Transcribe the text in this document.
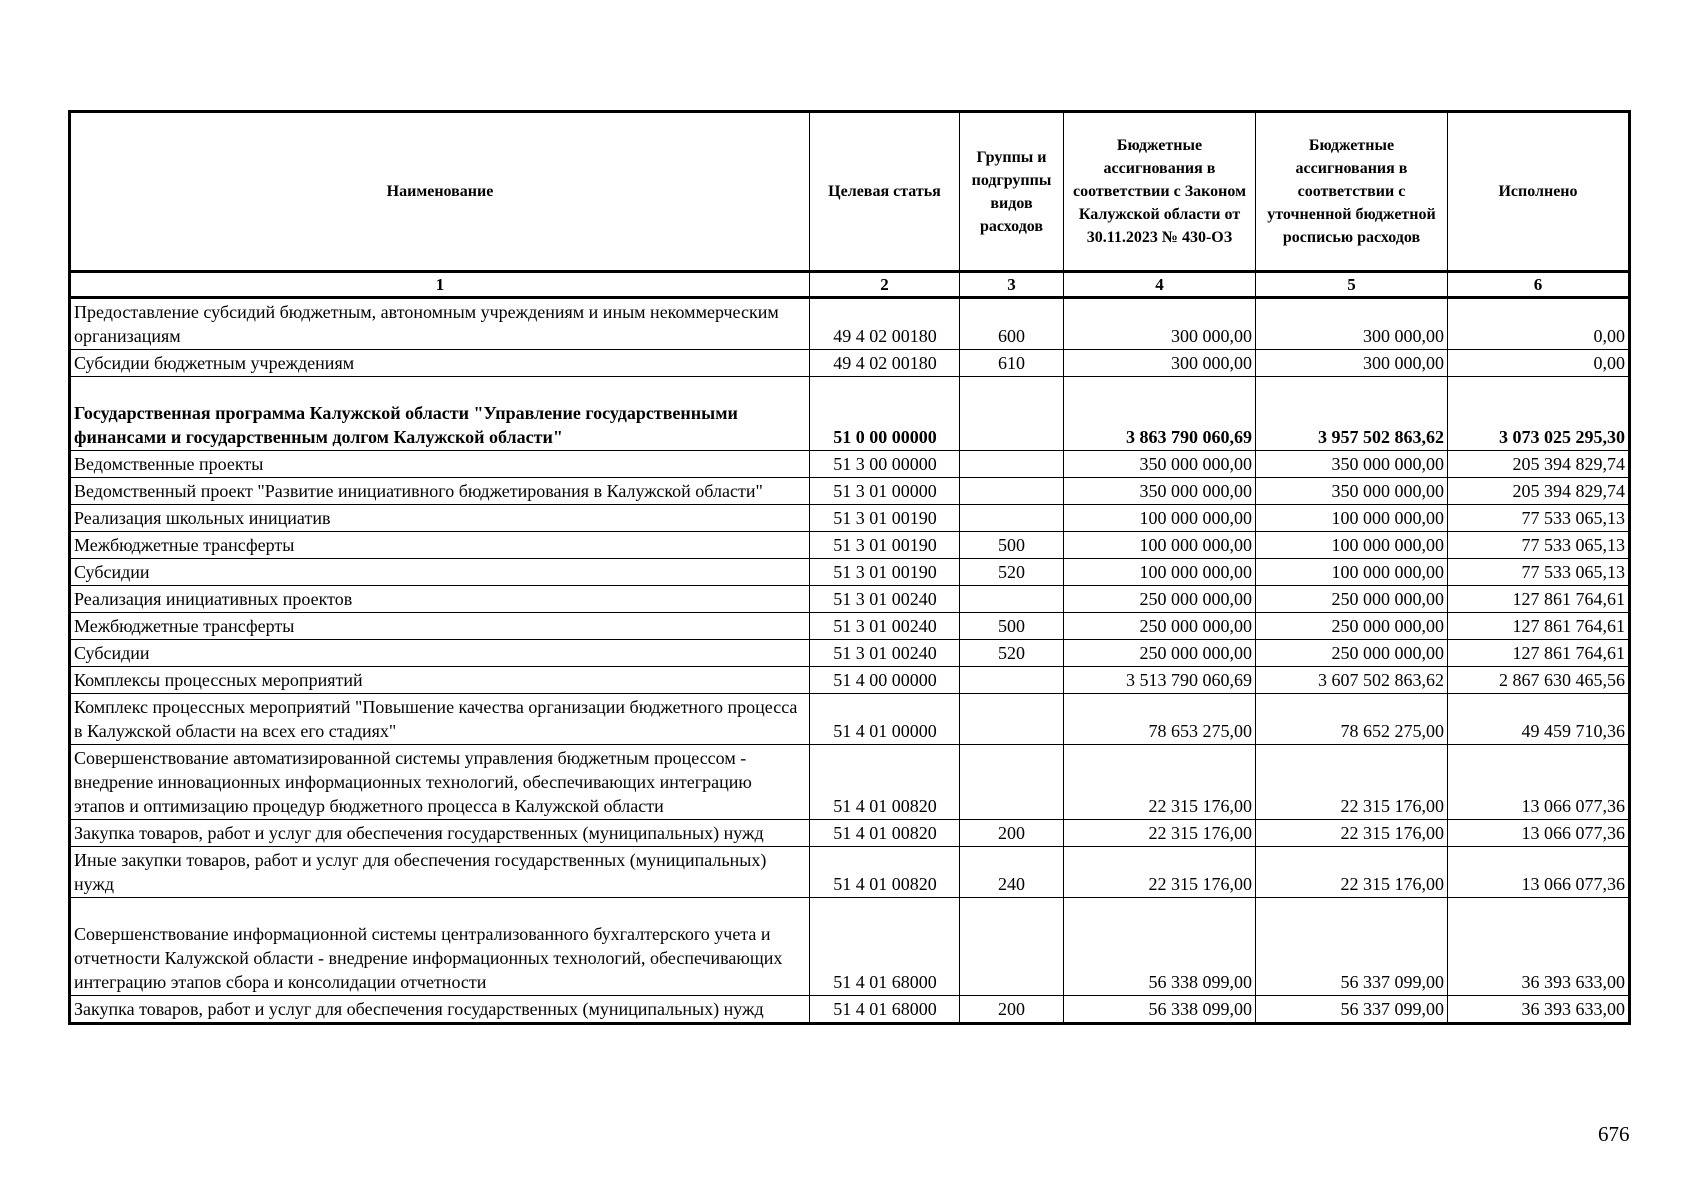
Наименование	Целевая статья	Группы и подгруппы видов расходов	Бюджетные ассигнования в соответствии с Законом Калужской области от 30.11.2023 № 430-ОЗ	Бюджетные ассигнования в соответствии с уточненной бюджетной росписью расходов	Исполнено
1	2	3	4	5	6
Предоставление субсидий бюджетным, автономным учреждениям и иным некоммерческим организациям	49 4 02 00180	600	300 000,00	300 000,00	0,00
Субсидии бюджетным учреждениям	49 4 02 00180	610	300 000,00	300 000,00	0,00
Государственная программа Калужской области "Управление государственными финансами и государственным долгом Калужской области"	51 0 00 00000		3 863 790 060,69	3 957 502 863,62	3 073 025 295,30
Ведомственные проекты	51 3 00 00000		350 000 000,00	350 000 000,00	205 394 829,74
Ведомственный проект "Развитие инициативного бюджетирования в Калужской области"	51 3 01 00000		350 000 000,00	350 000 000,00	205 394 829,74
Реализация школьных инициатив	51 3 01 00190		100 000 000,00	100 000 000,00	77 533 065,13
Межбюджетные трансферты	51 3 01 00190	500	100 000 000,00	100 000 000,00	77 533 065,13
Субсидии	51 3 01 00190	520	100 000 000,00	100 000 000,00	77 533 065,13
Реализация инициативных проектов	51 3 01 00240		250 000 000,00	250 000 000,00	127 861 764,61
Межбюджетные трансферты	51 3 01 00240	500	250 000 000,00	250 000 000,00	127 861 764,61
Субсидии	51 3 01 00240	520	250 000 000,00	250 000 000,00	127 861 764,61
Комплексы процессных мероприятий	51 4 00 00000		3 513 790 060,69	3 607 502 863,62	2 867 630 465,56
Комплекс процессных мероприятий "Повышение качества организации бюджетного процесса в Калужской области на всех его стадиях"	51 4 01 00000		78 653 275,00	78 652 275,00	49 459 710,36
Совершенствование автоматизированной системы управления бюджетным процессом - внедрение инновационных информационных технологий, обеспечивающих интеграцию этапов и оптимизацию процедур бюджетного процесса в Калужской области	51 4 01 00820		22 315 176,00	22 315 176,00	13 066 077,36
Закупка товаров, работ и услуг для обеспечения государственных (муниципальных) нужд	51 4 01 00820	200	22 315 176,00	22 315 176,00	13 066 077,36
Иные закупки товаров, работ и услуг для обеспечения государственных (муниципальных) нужд	51 4 01 00820	240	22 315 176,00	22 315 176,00	13 066 077,36
Совершенствование информационной системы централизованного бухгалтерского учета и отчетности Калужской области - внедрение информационных технологий, обеспечивающих интеграцию этапов сбора и консолидации отчетности	51 4 01 68000		56 338 099,00	56 337 099,00	36 393 633,00
Закупка товаров, работ и услуг для обеспечения государственных (муниципальных) нужд	51 4 01 68000	200	56 338 099,00	56 337 099,00	36 393 633,00
676
